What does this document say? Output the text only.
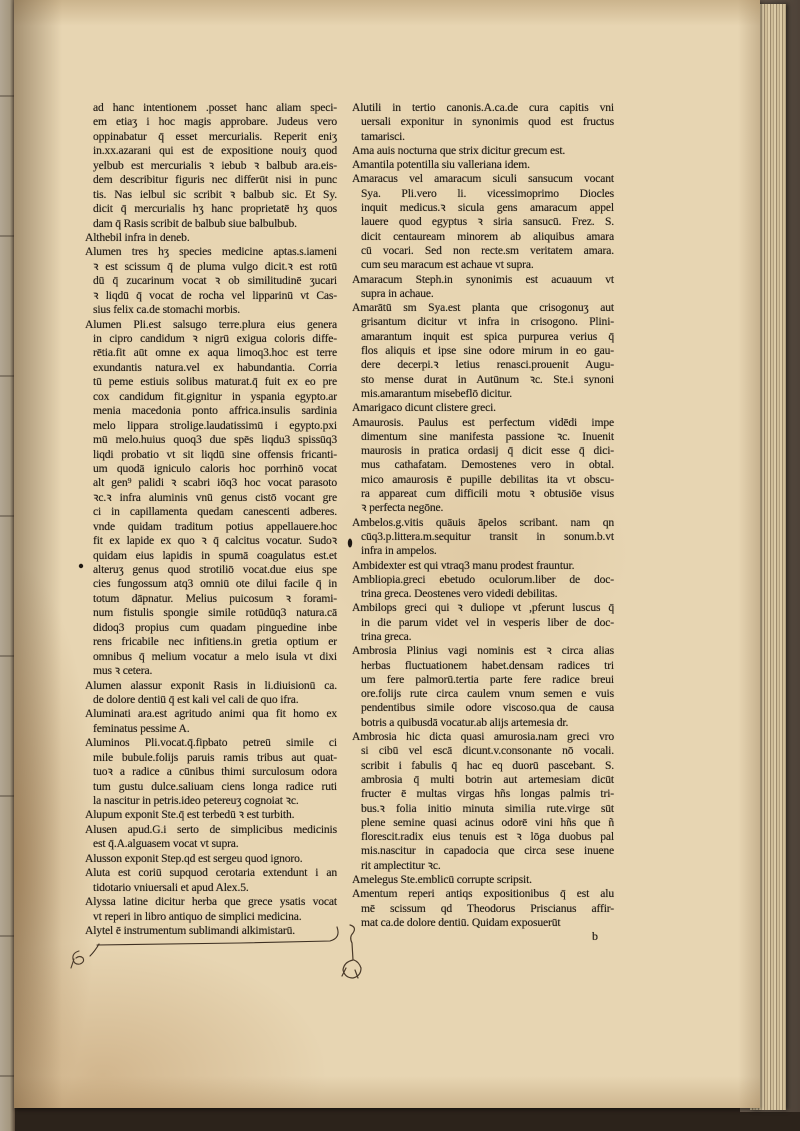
ad hanc intentionem .posset hanc aliam speci-
em etiaʒ i hoc magis approbare. Judeus vero
oppinabatur q̄ esset mercurialis. Reperit eniʒ
in.xx.azarani qui est de expositione nouiʒ quod
yelbub est mercurialis ꝛ iebub ꝛ balbub ara.eis-
dem describitur figuris nec differūt nisi in punc
tis. Nas ielbul sic scribit ꝛ balbub sic. Et Sy.
dicit q̄ mercurialis hʒ hanc proprietatē hʒ quos
dam q̄ Rasis scribit de balbub siue balbulbub.
Althebil infra in deneb.
Alumen tres hʒ species medicine aptas.s.iameni
ꝛ est scissum q̄ de pluma vulgo dicit.ꝛ est rotū
dū q̄ zucarinum vocat ꝛ ob similitudinē ʒucari
ꝛ liqdū q̄ vocat de rocha vel lipparinū vt Cas-
sius felix ca.de stomachi morbis.
Alumen Pli.est salsugo terre.plura eius genera
in cipro candidum ꝛ nigrū exigua coloris diffe-
rētia.fit aūt omne ex aqua limoq3.hoc est terre
exundantis natura.vel ex habundantia. Corria
tū peme estiuis solibus maturat.q̄ fuit ex eo pre
cox candidum fit.gignitur in yspania egypto.ar
menia macedonia ponto affrica.insulis sardinia
melo lippara strolige.laudatissimū i egypto.pxi
mū melo.huius quoq3 due spēs liqdu3 spissūq3
liqdi probatio vt sit liqdū sine offensis fricanti-
um quodā igniculo caloris hoc porrhinō vocat
alt gen⁹ palidi ꝛ scabri iōq3 hoc vocat parasoto
ꝛc.ꝛ infra aluminis vnū genus cistō vocant gre
ci in capillamenta quedam canescenti adberes.
vnde quidam traditum potius appellauere.hoc
fit ex lapide ex quo ꝛ q̄ calcitus vocatur. Sudoꝛ
quidam eius lapidis in spumā coagulatus est.et
alteruʒ genus quod strotiliō vocat.due eius spe
cies fungossum atq3 omniū ote dilui facile q̄ in
totum dāpnatur. Melius puicosum ꝛ forami-
num fistulis spongie simile rotūdūq3 natura.cā
didoq3 propius cum quadam pinguedine inbe
rens fricabile nec infitiens.in gretia optium er
omnibus q̄ melium vocatur a melo isula vt dixi
mus ꝛ cetera.
Alumen alassur exponit Rasis in li.diuisionū ca.
de dolore dentiū q̄ est kali vel cali de quo ifra.
Aluminati ara.est agritudo animi qua fit homo ex
feminatus pessime A.
Aluminos Pli.vocat.q̄.fipbato petreū simile ci
mile bubule.folijs paruis ramis tribus aut quat-
tuoꝛ a radice a cūnibus thimi surculosum odora
tum gustu dulce.saliuam ciens longa radice ruti
la nascitur in petris.ideo petereuʒ cognoiat ꝛc.
Alupum exponit Ste.q̄ est terbedū ꝛ est turbith.
Alusen apud.G.i serto de simplicibus medicinis
est q̄.A.alguasem vocat vt supra.
Alusson exponit Step.qd est sergeu quod ignoro.
Aluta est coriū supquod cerotaria extendunt i an
tidotario vniuersali et apud Alex.5.
Alyssa latine dicitur herba que grece ysatis vocat
vt reperi in libro antiquo de simplici medicina.
Alytel ē instrumentum sublimandi alkimistarū.
Alutili in tertio canonis.A.ca.de cura capitis vni
uersali exponitur in synonimis quod est fructus
tamarisci.
Ama auis nocturna que strix dicitur grecum est.
Amantila potentilla siu valleriana idem.
Amaracus vel amaracum siculi sansucum vocant
Sya. Pli.vero li. vicessimoprimo Diocles
inquit medicus.ꝛ sicula gens amaracum appel
lauere quod egyptus ꝛ siria sansucū. Frez. S.
dicit centauream minorem ab aliquibus amara
cū vocari. Sed non recte.sm veritatem amara.
cum seu maracum est achaue vt supra.
Amaracum Steph.in synonimis est acuauum vt
supra in achaue.
Amarātū sm Sya.est planta que crisogonuʒ aut
grisantum dicitur vt infra in crisogono. Plini-
amarantum inquit est spica purpurea verius q̄
flos aliquis et ipse sine odore mirum in eo gau-
dere decerpi.ꝛ letius renasci.prouenit Augu-
sto mense durat in Autūnum ꝛc. Ste.i synoni
mis.amarantum misebeflō dicitur.
Amarigaco dicunt clistere greci.
Amaurosis. Paulus est perfectum vidēdi impe
dimentum sine manifesta passione ꝛc. Inuenit
maurosis in pratica ordasij q̄ dicit esse q̄ dici-
mus cathafatam. Demostenes vero in obtal.
mico amaurosis ē pupille debilitas ita vt obscu-
ra appareat cum difficili motu ꝛ obtusiōe visus
ꝛ perfecta negōne.
Ambelos.g.vitis quāuis āpelos scribant. nam qn
cūq3.p.littera.m.sequitur transit in sonum.b.vt
infra in ampelos.
Ambidexter est qui vtraq3 manu prodest frauntur.
Ambliopia.greci ebetudo oculorum.liber de doc-
trina greca. Deostenes vero videdi debilitas.
Ambilops greci qui ꝛ duliope vt ,pferunt luscus q̄
in die parum videt vel in vesperis liber de doc-
trina greca.
Ambrosia Plinius vagi nominis est ꝛ circa alias
herbas fluctuationem habet.densam radices tri
um fere palmorū.tertia parte fere radice breui
ore.folijs rute circa caulem vnum semen e vuis
pendentibus simile odore viscoso.qua de causa
botris a quibusdā vocatur.ab alijs artemesia dr.
Ambrosia hic dicta quasi amurosia.nam greci vro
si cibū vel escā dicunt.v.consonante nō vocali.
scribit i fabulis q̄ hac eq duorū pascebant. S.
ambrosia q̄ multi botrin aut artemesiam dicūt
fructer ē multas virgas hñs longas palmis tri-
bus.ꝛ folia initio minuta similia rute.virge sūt
plene semine quasi acinus odorē vini hñs que ñ
florescit.radix eius tenuis est ꝛ lōga duobus pal
mis.nascitur in capadocia que circa sese inuene
rit amplectitur ꝛc.
Amelegus Ste.emblicū corrupte scripsit.
Amentum reperi antiqs expositionibus q̄ est alu
mē scissum qd Theodorus Priscianus affir-
mat ca.de dolore dentiū. Quidam exposuerūt
b
